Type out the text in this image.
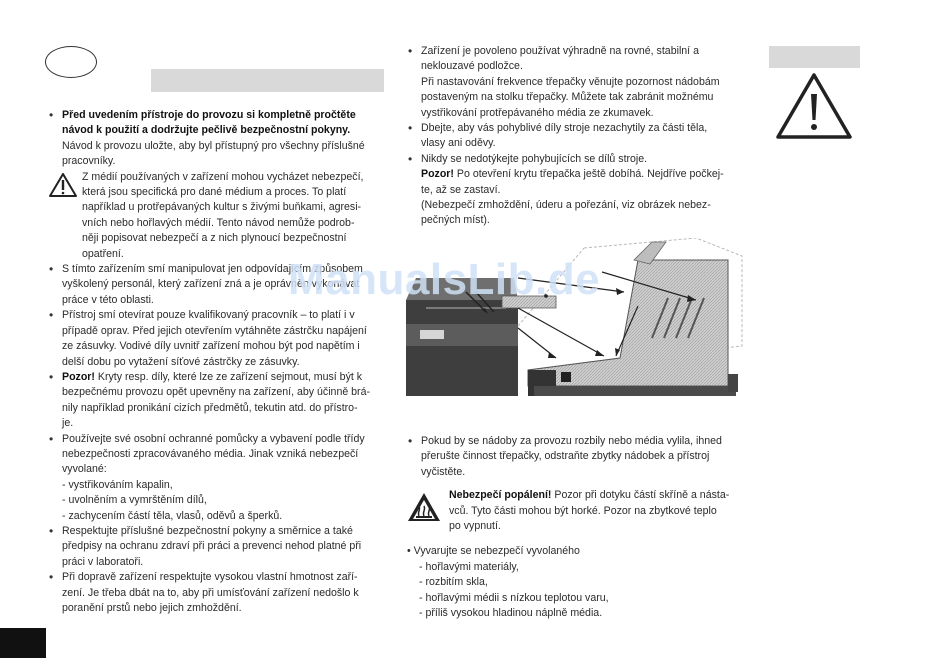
• Před uvedením přístroje do provozu si kompletně pročtěte
návod k použití a dodržujte pečlivě bezpečnostní pokyny.
Návod k provozu uložte, aby byl přístupný pro všechny příslušné
pracovníky.
Z médií používaných v zařízení mohou vycházet nebezpečí,
která jsou specifická pro dané médium a proces. To platí
například u protřepávaných kultur s živými buňkami, agresi-
vních nebo hořlavých médií. Tento návod nemůže podrob-
něji popisovat nebezpečí a z nich plynoucí bezpečnostní
opatření.
• S tímto zařízením smí manipulovat jen odpovídajícím způsobem
vyškolený personál, který zařízení zná a je oprávněn vykonávat
práce v této oblasti.
• Přístroj smí otevírat pouze kvalifikovaný pracovník – to platí i v
případě oprav. Před jejich otevřením vytáhněte zástrčku napájení
ze zásuvky. Vodivé díly uvnitř zařízení mohou být pod napětím i
delší dobu po vytažení síťové zástrčky ze zásuvky.
• Pozor! Kryty resp. díly, které lze ze zařízení sejmout, musí být k
bezpečnému provozu opět upevněny na zařízení, aby účinně brá-
nily například pronikání cizích předmětů, tekutin atd. do přístro-
je.
• Používejte své osobní ochranné pomůcky a vybavení podle třídy
nebezpečnosti zpracovávaného média. Jinak vzniká nebezpečí
vyvolané:
- vystřikováním kapalin,
- uvolněním a vymrštěním dílů,
- zachycením částí těla, vlasů, oděvů a šperků.
• Respektujte příslušné bezpečnostní pokyny a směrnice a také
předpisy na ochranu zdraví při práci a prevenci nehod platné při
práci v laboratoři.
• Při dopravě zařízení respektujte vysokou vlastní hmotnost zaří-
zení. Je třeba dbát na to, aby při umísťování zařízení nedošlo k
poranění prstů nebo jejich zmhoždění.
• Zařízení je povoleno používat výhradně na rovné, stabilní a
neklouzavé podložce.
Při nastavování frekvence třepačky věnujte pozornost nádobám
postaveným na stolku třepačky. Můžete tak zabránit možnému
vystřikování protřepávaného média ze zkumavek.
• Dbejte, aby vás pohyblivé díly stroje nezachytily za části těla,
vlasy ani oděvy.
• Nikdy se nedotýkejte pohybujících se dílů stroje.
Pozor! Po otevření krytu třepačka ještě dobíhá. Nejdříve počkej-
te, až se zastaví.
(Nebezpečí zmhoždění, úderu a pořezání, viz obrázek nebez-
pečných míst).
• Pokud by se nádoby za provozu rozbily nebo média vylila, ihned
přerušte činnost třepačky, odstraňte zbytky nádobek a přístroj
vyčistěte.
Nebezpečí popálení! Pozor při dotyku částí skříně a násta-
vců. Tyto části mohou být horké. Pozor na zbytkové teplo
po vypnutí.
• Vyvarujte se nebezpečí vyvolaného
- hořlavými materiály,
- rozbitím skla,
- hořlavými médii s nízkou teplotou varu,
- příliš vysokou hladinou náplně média.
ManualsLib.de
